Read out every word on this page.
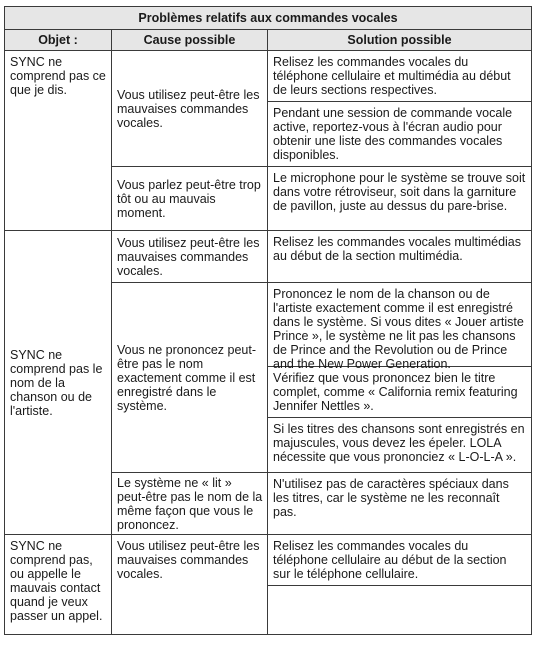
Problèmes relatifs aux commandes vocales		
Objet :	Cause possible	Solution possible

SYNC ne comprend pas ce que je dis.	Vous utilisez peut-être les mauvaises commandes vocales.	Relisez les commandes vocales du téléphone cellulaire et multimédia au début de leurs sections respectives.
Pendant une session de commande vocale active, reportez-vous à l'écran audio pour obtenir une liste des commandes vocales disponibles.

	Vous parlez peut-être trop tôt ou au mauvais moment.	Le microphone pour le système se trouve soit dans votre rétroviseur, soit dans la garniture de pavillon, juste au dessus du pare-brise.

SYNC ne comprend pas le nom de la chanson ou de l'artiste.	Vous utilisez peut-être les mauvaises commandes vocales.	Relisez les commandes vocales multimédias au début de la section multimédia.

	Vous ne prononcez peut-être pas le nom exactement comme il est enregistré dans le système.	Prononcez le nom de la chanson ou de l'artiste exactement comme il est enregistré dans le système. Si vous dites « Jouer artiste Prince », le système ne lit pas les chansons de Prince and the Revolution ou de Prince and the New Power Generation.
Vérifiez que vous prononcez bien le titre complet, comme « California remix featuring Jennifer Nettles ».
Si les titres des chansons sont enregistrés en majuscules, vous devez les épeler. LOLA nécessite que vous prononciez « L-O-L-A ».

	Le système ne « lit » peut-être pas le nom de la même façon que vous le prononcez.	N'utilisez pas de caractères spéciaux dans les titres, car le système ne les reconnaît pas.

SYNC ne comprend pas, ou appelle le mauvais contact quand je veux passer un appel.	Vous utilisez peut-être les mauvaises commandes vocales.	Relisez les commandes vocales du téléphone cellulaire au début de la section sur le téléphone cellulaire.
